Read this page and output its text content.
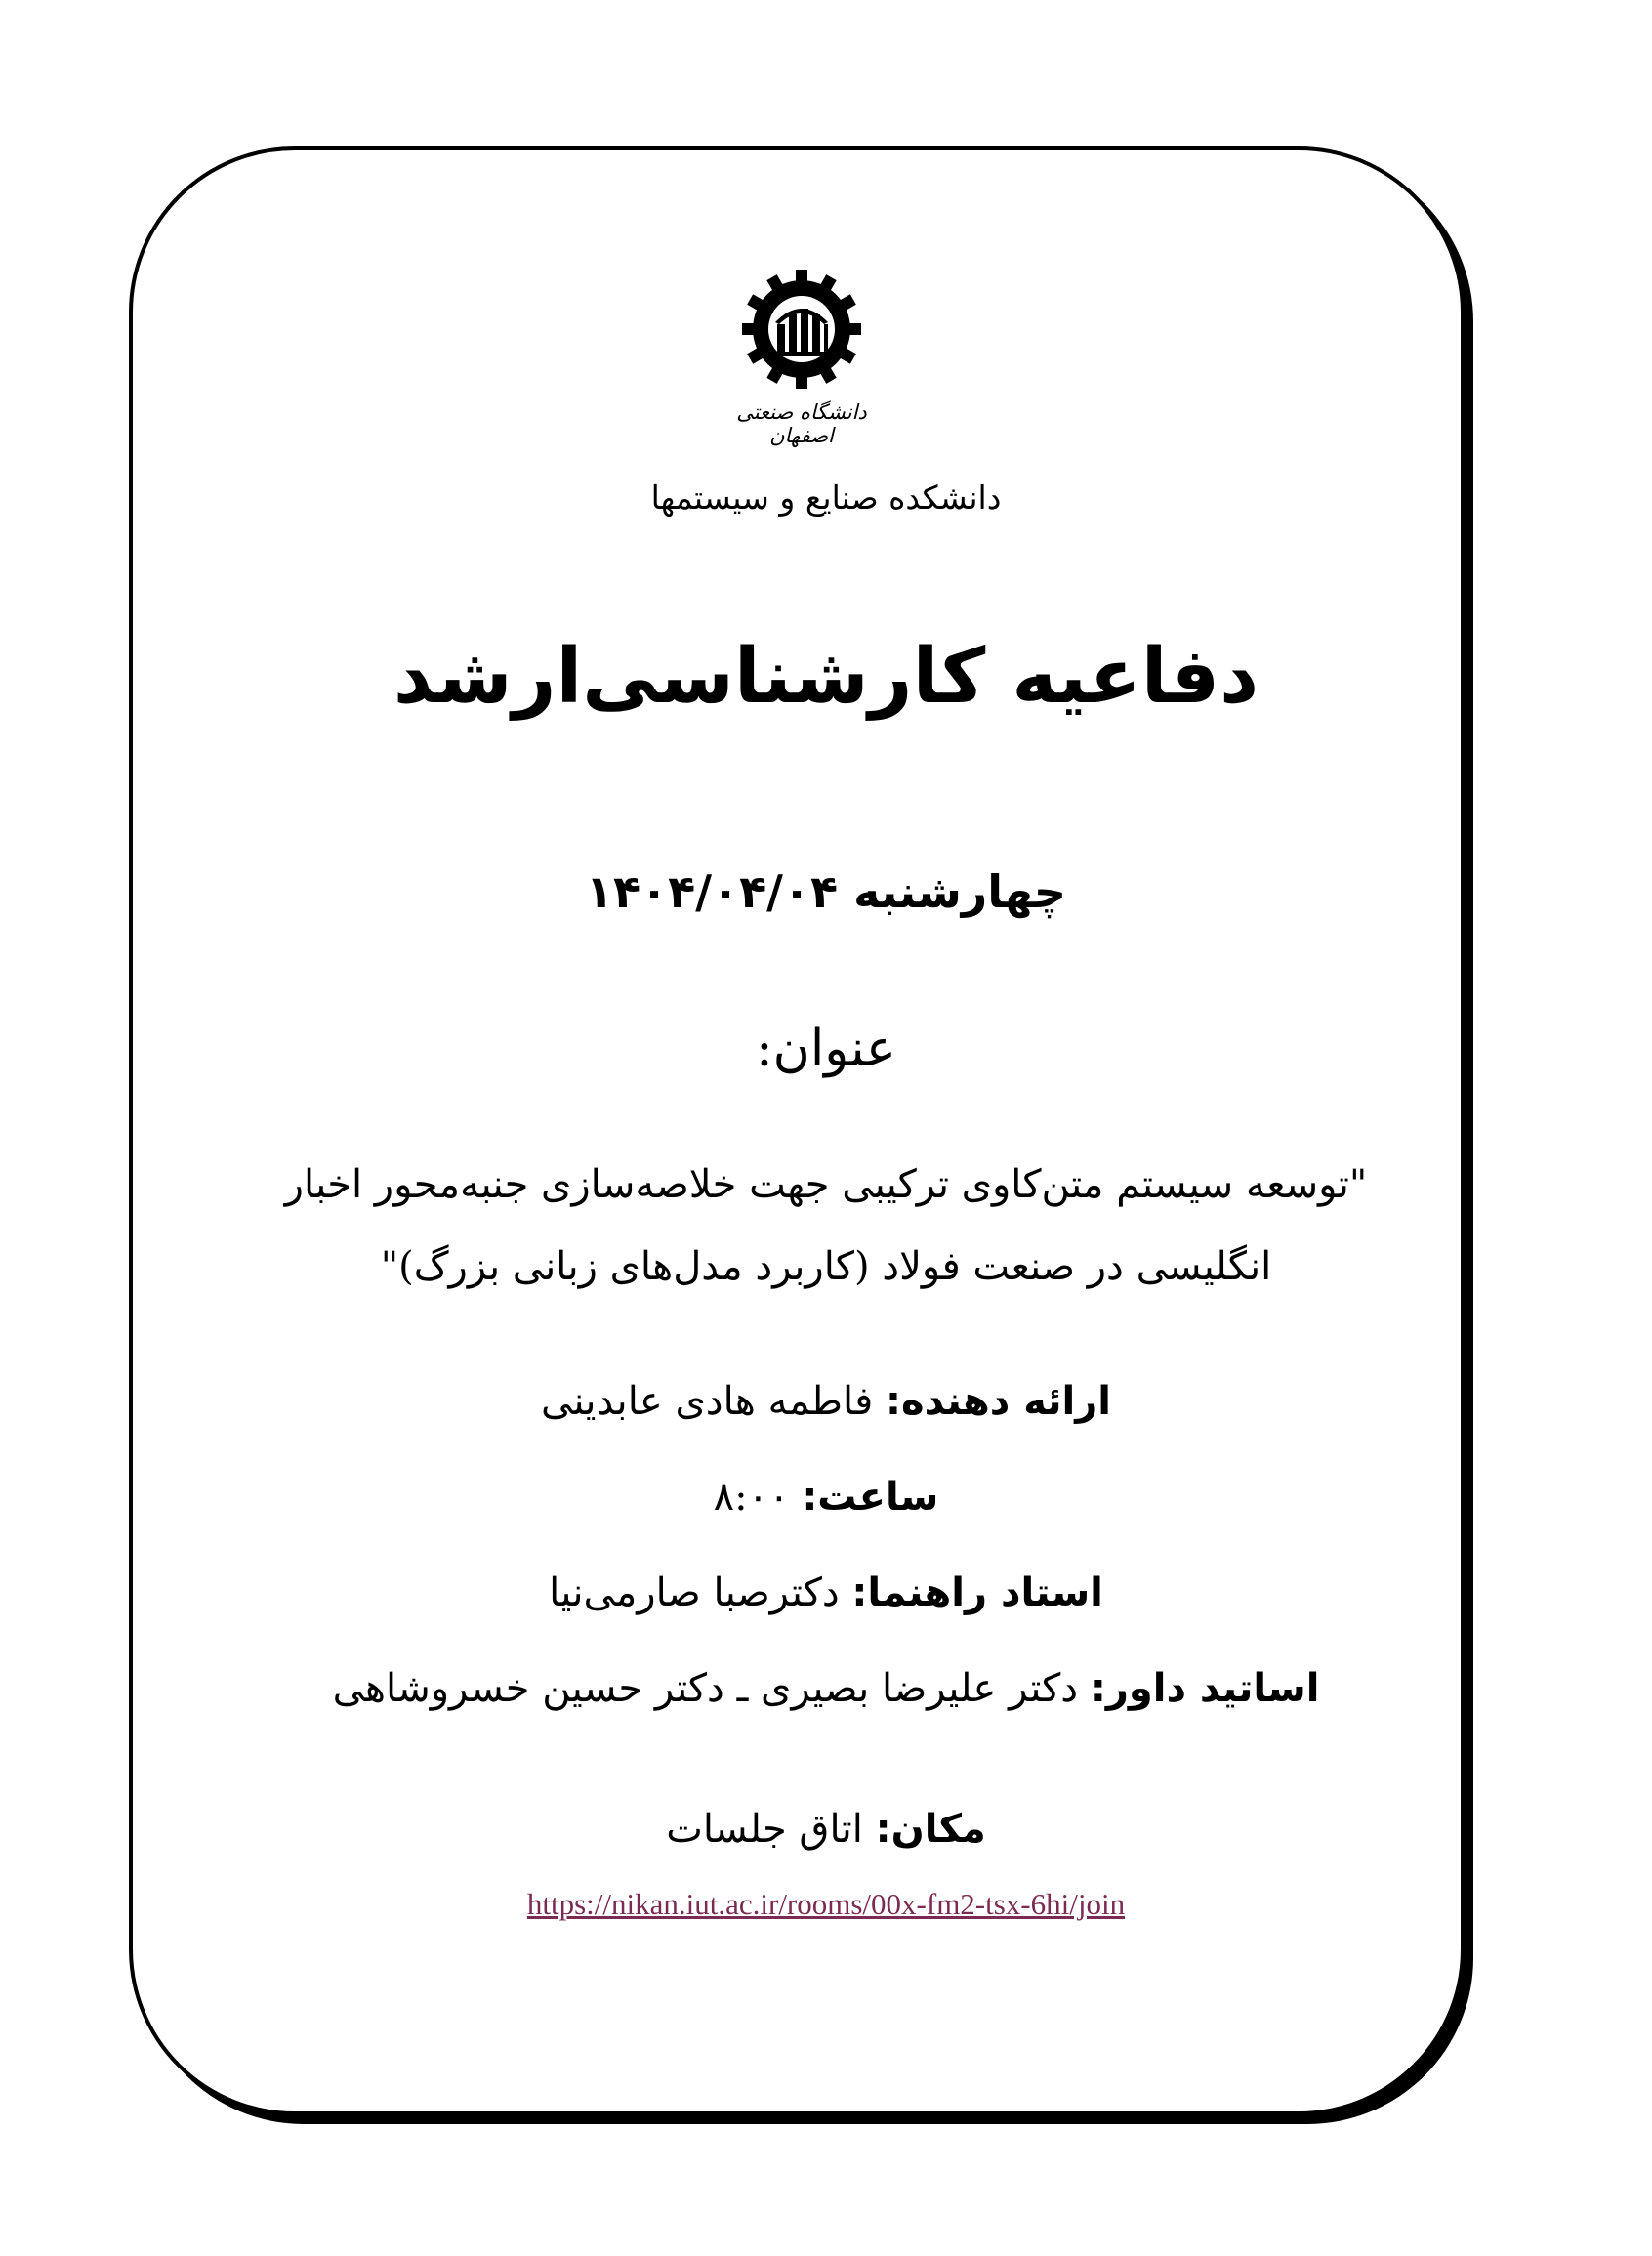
دانشگاه صنعتی اصفهان
دانشکده صنایع و سیستمها
دفاعیه کارشناسی‌ارشد
چهارشنبه ۱۴۰۴/۰۴/۰۴
عنوان:
"توسعه سیستم متن‌کاوی ترکیبی جهت خلاصه‌سازی جنبه‌محور اخبار
انگلیسی در صنعت فولاد (کاربرد مدل‌های زبانی بزرگ)"
ارائه دهنده: فاطمه هادی عابدینی
ساعت: ۸:۰۰
استاد راهنما: دکترصبا صارمی‌نیا
اساتید داور: دکتر علیرضا بصیری ـ دکتر حسین خسروشاهی
مکان: اتاق جلسات
https://nikan.iut.ac.ir/rooms/00x-fm2-tsx-6hi/join
